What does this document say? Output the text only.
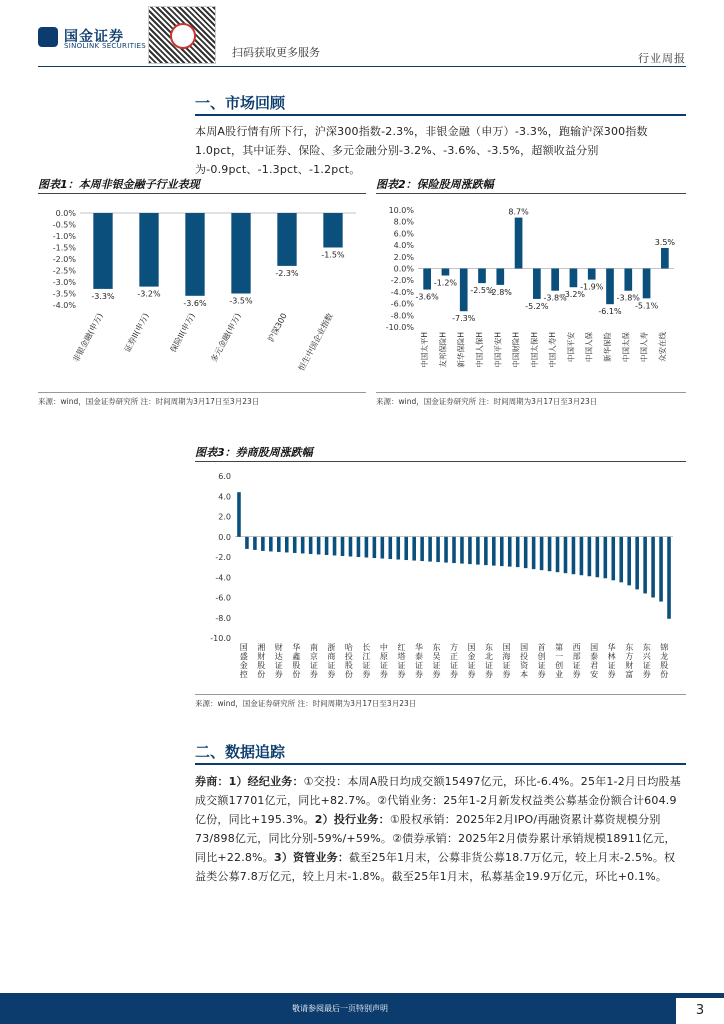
国金证券
SINOLINK SECURITIES	扫码获取更多服务	行业周报
一、市场回顾
本周A股行情有所下行，沪深300指数-2.3%，非银金融（申万）-3.3%，跑输沪深300指数1.0pct，其中证券、保险、多元金融分别-3.2%、-3.6%、-3.5%，超额收益分别为-0.9pct、-1.3pct、-1.2pct。
图表1：本周非银金融子行业表现
0.0%
-0.5%
-1.0%
-1.5%
-2.0%
-2.5%
-3.0%
-3.5%
-4.0%
-3.3%	-3.2%
-3.6%	-3.5%
-2.3%
-1.5%
非银金融(申万) 证券II(申万) 保险II(申万) 多元金融(申万)	沪深300 恒生中国企业指数
来源：wind，国金证券研究所 注：时间周期为3月17日至3月23日
图表2：保险股周涨跌幅
10.0%
8.0%
6.0%
4.0%
2.0%
0.0%
-2.0%
-4.0%
-6.0%
-8.0%
-10.0%
-3.6%
-1.2%
-7.3%
-2.5%
-2.8%
8.7%
-5.2%
-3.8%
-3.2%
-1.9%
-6.1%
-3.8%
-5.1%
3.5%
中国太平H 友邦保险H 新华保险H 中国人保H 中国平安H 中国财险H 中国太保H 中国人寿H 中国平安 中国人保 新华保险 中国太保 中国人寿 众安在线
来源：wind，国金证券研究所 注：时间周期为3月17日至3月23日
图表3：券商股周涨跌幅
6.0
4.0
2.0
0.0
-2.0
-4.0
-6.0
-8.0
-10.0
国盛金控
湘财股份
财达证券
华鑫股份
南京证券
浙商证券
哈投股份
长江证券
中原证券
红塔证券
华泰证券
东吴证券
方正证券
国金证券
东北证券
国海证券
国投资本
首创证券
第一创业
西部证券
国泰君安
华林证券
东方财富
东兴证券
锦龙股份
来源：wind，国金证券研究所 注：时间周期为3月17日至3月23日
二、数据追踪
券商：1）经纪业务：①交投：本周A股日均成交额15497亿元，环比-6.4%。25年1-2月日均股基成交额17701亿元，同比+82.7%。②代销业务：25年1-2月新发权益类公募基金份额合计604.9亿份，同比+195.3%。2）投行业务：①股权承销：2025年2月IPO/再融资累计募资规模分别73/898亿元，同比分别-59%/+59%。②债券承销：2025年2月债券累计承销规模18911亿元，同比+22.8%。3）资管业务：截至25年1月末，公募非货公募18.7万亿元，较上月末-2.5%。权益类公募7.8万亿元，较上月末-1.8%。截至25年1月末，私募基金19.9万亿元，环比+0.1%。
敬请参阅最后一页特别声明	3
